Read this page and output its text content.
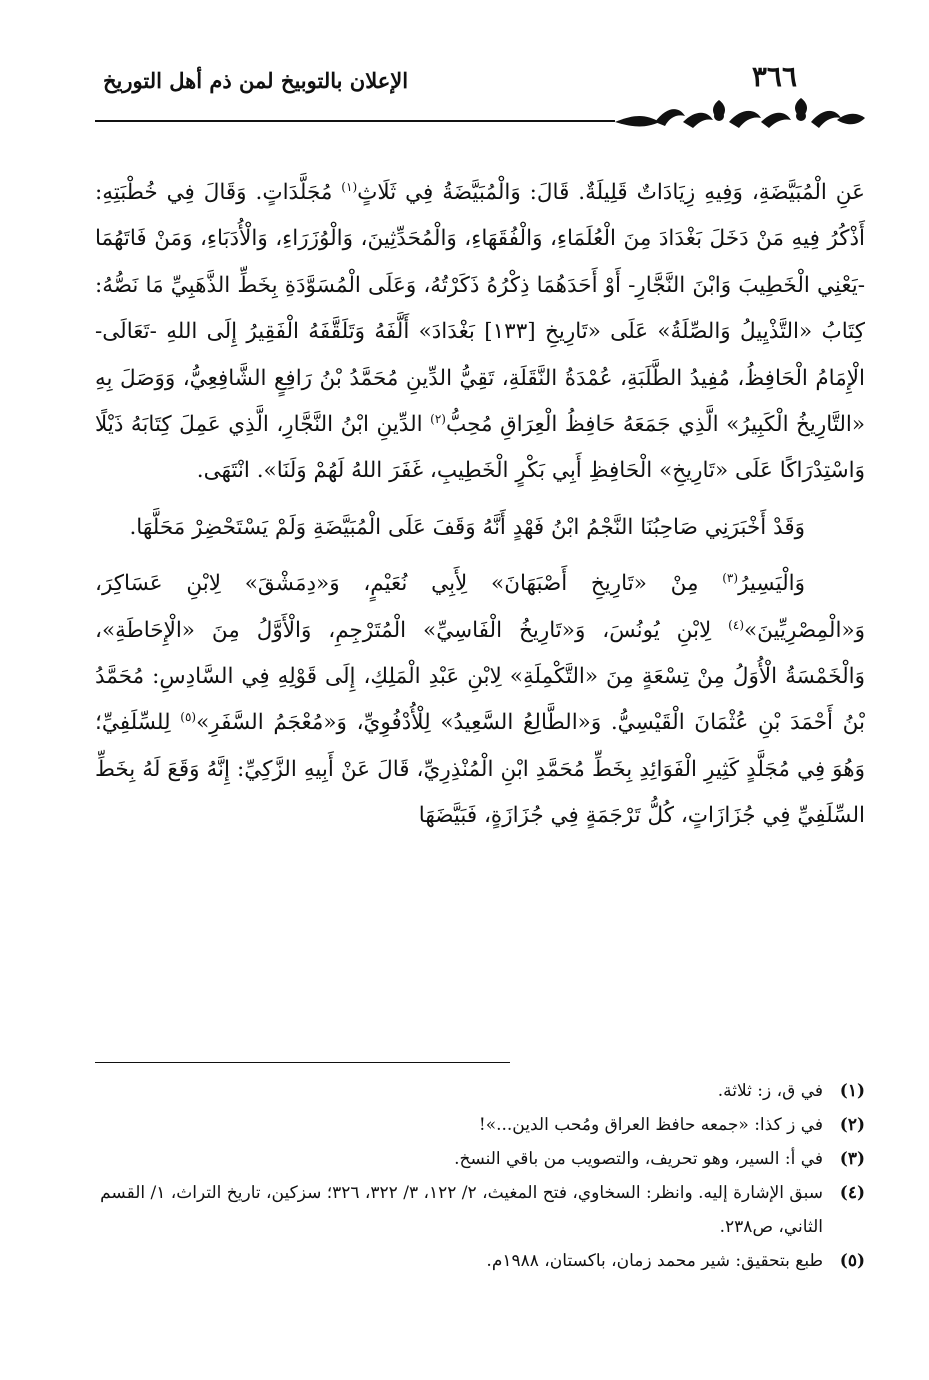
٣٦٦
الإعلان بالتوبيخ لمن ذم أهل التوريخ

عَنِ الْمُبَيَّضَةِ، وَفِيهِ زِيَادَاتٌ قَلِيلَةٌ. قَالَ: وَالْمُبَيَّضَةُ فِي ثَلَاثٍ$^{(١)}$ مُجَلَّدَاتٍ. وَقَالَ فِي خُطْبَتِهِ: أَذْكُرُ فِيهِ مَنْ دَخَلَ بَغْدَادَ مِنَ الْعُلَمَاءِ، وَالْفُقَهَاءِ، وَالْمُحَدِّثِينَ، وَالْوُزَرَاءِ، وَالْأُدَبَاءِ، وَمَنْ فَاتَهُمَا -يَعْنِي الْخَطِيبَ وَابْنَ النَّجَّارِ- أَوْ أَحَدَهُمَا ذِكْرُهُ ذَكَرْتُهُ، وَعَلَى الْمُسَوَّدَةِ بِخَطِّ الذَّهَبِيِّ مَا نَصُّهُ: كِتَابُ «التَّذْيِيلُ وَالصِّلَةُ» عَلَى «تَارِيخِ [١٣٣] بَغْدَادَ» أَلَّفَهُ وَتَلَقَّفَهُ الْفَقِيرُ إِلَى اللهِ -تَعَالَى- الْإِمَامُ الْحَافِظُ، مُفِيدُ الطَّلَبَةِ، عُمْدَةُ النَّقَلَةِ، تَقِيُّ الدِّينِ مُحَمَّدُ بْنُ رَافِعٍ الشَّافِعِيُّ، وَوَصَلَ بِهِ «التَّارِيخُ الْكَبِيرُ» الَّذِي جَمَعَهُ حَافِظُ الْعِرَاقِ مُحِبُّ$^{(٢)}$ الدِّينِ ابْنُ النَّجَّارِ، الَّذِي عَمِلَ كِتَابَهُ ذَيْلًا وَاسْتِدْرَاكًا عَلَى «تَارِيخِ» الْحَافِظِ أَبِي بَكْرٍ الْخَطِيبِ، غَفَرَ اللهُ لَهُمْ وَلَنَا». انْتَهَى.

وَقَدْ أَخْبَرَنِي صَاحِبُنَا النَّجْمُ ابْنُ فَهْدٍ أَنَّهُ وَقَفَ عَلَى الْمُبَيَّضَةِ وَلَمْ يَسْتَحْضِرْ مَحَلَّهَا.

وَالْيَسِيرُ$^{(٣)}$ مِنْ «تَارِيخِ أَصْبَهَانَ» لِأَبِي نُعَيْمٍ، وَ«دِمَشْقَ» لِابْنِ عَسَاكِرَ، وَ«الْمِصْرِيِّينَ»$^{(٤)}$ لِابْنِ يُونُسَ، وَ«تَارِيخُ الْفَاسِيِّ» الْمُتَرْجِمِ، وَالْأَوَّلُ مِنَ «الْإِحَاطَةِ»، وَالْخَمْسَةُ الْأُوَلُ مِنْ تِسْعَةٍ مِنَ «التَّكْمِلَةِ» لِابْنِ عَبْدِ الْمَلِكِ، إِلَى قَوْلِهِ فِي السَّادِسِ: مُحَمَّدُ بْنُ أَحْمَدَ بْنِ عُثْمَانَ الْقَيْسِيُّ. وَ«الطَّالِعُ السَّعِيدُ» لِلْأُدْفُوِيِّ، وَ«مُعْجَمُ السَّفَرِ»$^{(٥)}$ لِلسِّلَفِيِّ؛ وَهُوَ فِي مُجَلَّدٍ كَثِيرِ الْفَوَائِدِ بِخَطِّ مُحَمَّدِ ابْنِ الْمُنْذِرِيِّ، قَالَ عَنْ أَبِيهِ الزَّكِيِّ: إِنَّهُ وَقَعَ لَهُ بِخَطِّ السِّلَفِيِّ فِي جُزَازَاتٍ، كُلُّ تَرْجَمَةٍ فِي جُزَازَةٍ، فَبَيَّضَهَا

(١)
في ق، ز: ثلاثة.
(٢)
في ز كذا: «جمعه حافظ العراق ومُحب الدين...»!
(٣)
في أ: السير، وهو تحريف، والتصويب من باقي النسخ.
(٤)
سبق الإشارة إليه. وانظر: السخاوي، فتح المغيث، ٢/ ١٢٢، ٣/ ٣٢٢، ٣٢٦؛ سزكين، تاريخ التراث، ١/ القسم الثاني، ص٢٣٨.
(٥)
طبع بتحقيق: شير محمد زمان، باكستان، ١٩٨٨م.
